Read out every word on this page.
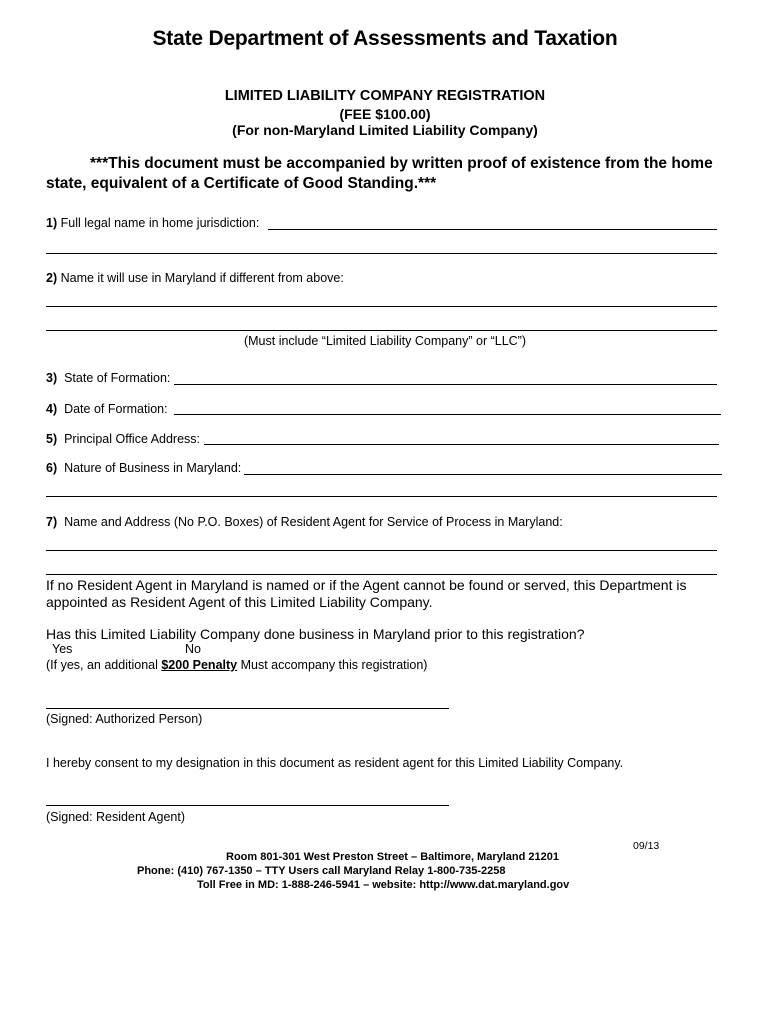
State Department of Assessments and Taxation
LIMITED LIABILITY COMPANY REGISTRATION
(FEE $100.00)
(For non-Maryland Limited Liability Company)
***This document must be accompanied by written proof of existence from the home state, equivalent of a Certificate of Good Standing.***
1) Full legal name in home jurisdiction:
2) Name it will use in Maryland if different from above:
(Must include “Limited Liability Company” or “LLC”)
3) State of Formation:
4) Date of Formation:
5) Principal Office Address:
6) Nature of Business in Maryland:
7) Name and Address (No P.O. Boxes) of Resident Agent for Service of Process in Maryland:
If no Resident Agent in Maryland is named or if the Agent cannot be found or served, this Department is appointed as Resident Agent of this Limited Liability Company.
Has this Limited Liability Company done business in Maryland prior to this registration?
Yes	No
(If yes, an additional $200 Penalty Must accompany this registration)
(Signed: Authorized Person)
I hereby consent to my designation in this document as resident agent for this Limited Liability Company.
(Signed: Resident Agent)
09/13
Room 801-301 West Preston Street – Baltimore, Maryland 21201
Phone: (410) 767-1350 – TTY Users call Maryland Relay 1-800-735-2258
Toll Free in MD: 1-888-246-5941 – website: http://www.dat.maryland.gov
